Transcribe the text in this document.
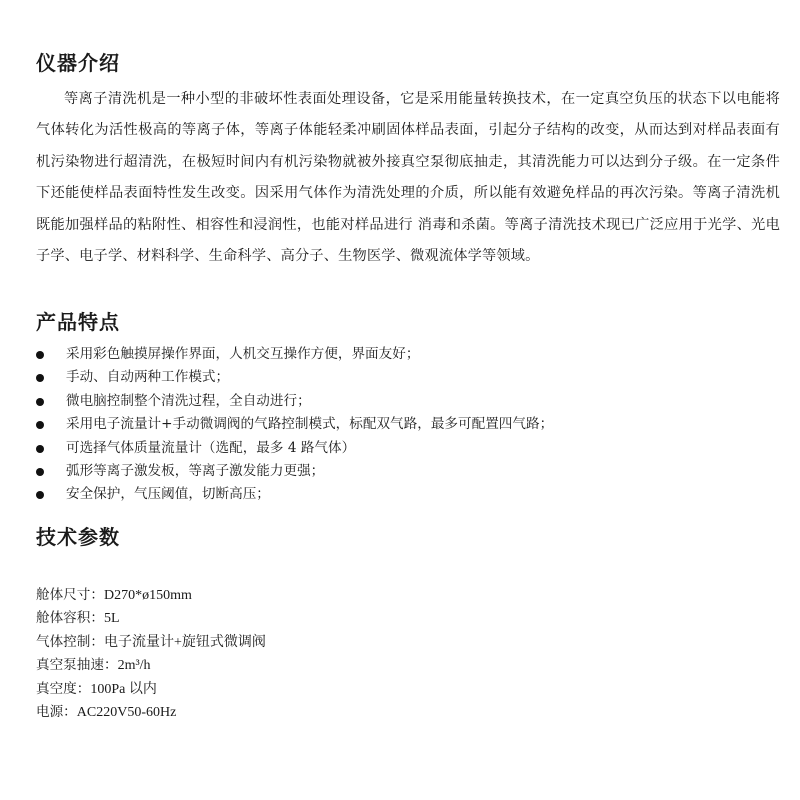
仪器介绍

等离子清洗机是一种小型的非破坏性表面处理设备，它是采用能量转换技术，在一定真空负压的状态下以电能将气体转化为活性极高的等离子体，等离子体能轻柔冲刷固体样品表面，引起分子结构的改变，从而达到对样品表面有机污染物进行超清洗，在极短时间内有机污染物就被外接真空泵彻底抽走，其清洗能力可以达到分子级。在一定条件下还能使样品表面特性发生改变。因采用气体作为清洗处理的介质，所以能有效避免样品的再次污染。等离子清洗机既能加强样品的粘附性、相容性和浸润性，也能对样品进行 消毒和杀菌。等离子清洗技术现已广泛应用于光学、光电子学、电子学、材料科学、生命科学、高分子、生物医学、微观流体学等领域。

产品特点
采用彩色触摸屏操作界面，人机交互操作方便，界面友好；
手动、自动两种工作模式；
微电脑控制整个清洗过程，全自动进行；
采用电子流量计+手动微调阀的气路控制模式，标配双气路，最多可配置四气路；
可选择气体质量流量计（选配，最多 4 路气体）
弧形等离子激发板，等离子激发能力更强；
安全保护，气压阈值，切断高压；
技术参数
舱体尺寸：D270*ø150mm
舱体容积：5L
气体控制：电子流量计+旋钮式微调阀
真空泵抽速：2m³/h
真空度：100Pa 以内
电源：AC220V50-60Hz
